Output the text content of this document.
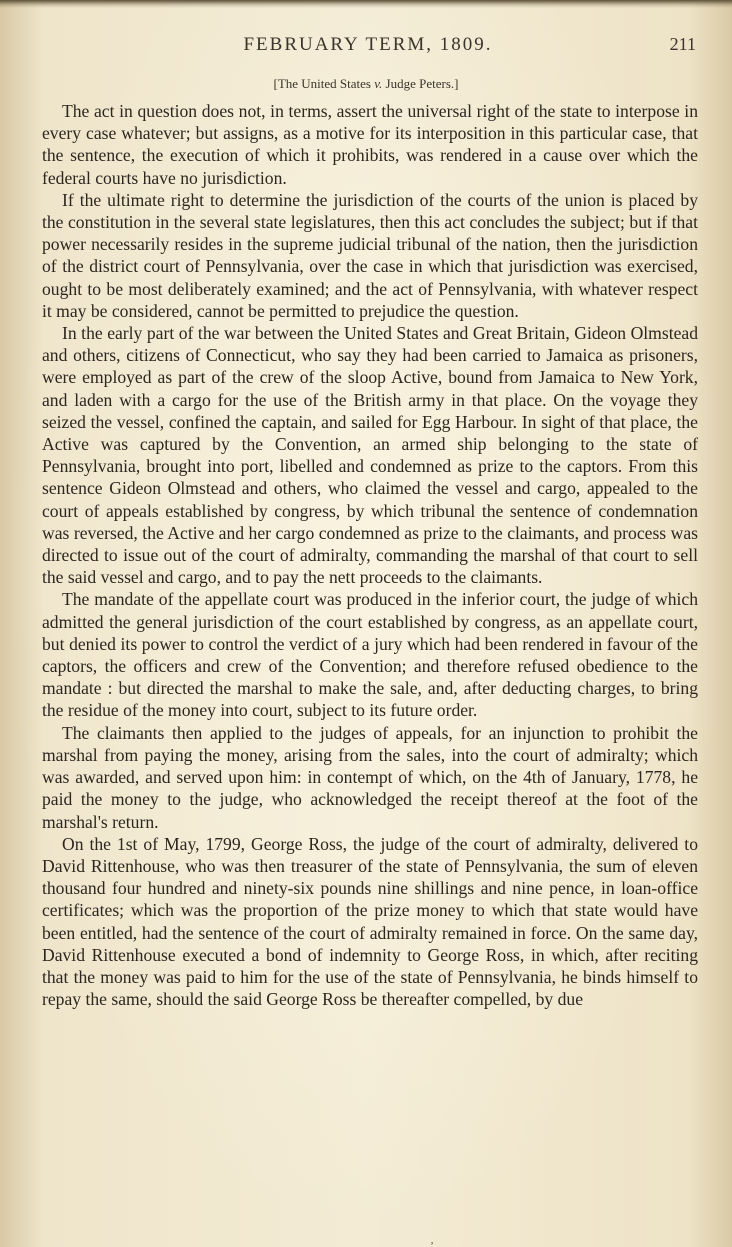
FEBRUARY TERM, 1809.	211
[The United States v. Judge Peters.]

The act in question does not, in terms, assert the universal right of the state to interpose in every case whatever; but assigns, as a motive for its interposition in this particular case, that the sentence, the execution of which it prohibits, was rendered in a cause over which the federal courts have no jurisdiction.

If the ultimate right to determine the jurisdiction of the courts of the union is placed by the constitution in the several state legislatures, then this act concludes the subject; but if that power necessarily resides in the supreme judicial tribunal of the nation, then the jurisdiction of the district court of Pennsylvania, over the case in which that jurisdiction was exercised, ought to be most deliberately examined; and the act of Pennsylvania, with whatever respect it may be considered, cannot be permitted to prejudice the question.

In the early part of the war between the United States and Great Britain, Gideon Olmstead and others, citizens of Connecticut, who say they had been carried to Jamaica as prisoners, were employed as part of the crew of the sloop Active, bound from Jamaica to New York, and laden with a cargo for the use of the British army in that place. On the voyage they seized the vessel, confined the captain, and sailed for Egg Harbour. In sight of that place, the Active was captured by the Convention, an armed ship belonging to the state of Pennsylvania, brought into port, libelled and condemned as prize to the captors. From this sentence Gideon Olmstead and others, who claimed the vessel and cargo, appealed to the court of appeals established by congress, by which tribunal the sentence of condemnation was reversed, the Active and her cargo condemned as prize to the claimants, and process was directed to issue out of the court of admiralty, commanding the marshal of that court to sell the said vessel and cargo, and to pay the nett proceeds to the claimants.

The mandate of the appellate court was produced in the inferior court, the judge of which admitted the general jurisdiction of the court established by congress, as an appellate court, but denied its power to control the verdict of a jury which had been rendered in favour of the captors, the officers and crew of the Convention; and therefore refused obedience to the mandate : but directed the marshal to make the sale, and, after deducting charges, to bring the residue of the money into court, subject to its future order.

The claimants then applied to the judges of appeals, for an injunction to prohibit the marshal from paying the money, arising from the sales, into the court of admiralty; which was awarded, and served upon him: in contempt of which, on the 4th of January, 1778, he paid the money to the judge, who acknowledged the receipt thereof at the foot of the marshal's return.

On the 1st of May, 1799, George Ross, the judge of the court of admiralty, delivered to David Rittenhouse, who was then treasurer of the state of Pennsylvania, the sum of eleven thousand four hundred and ninety-six pounds nine shillings and nine pence, in loan-office certificates; which was the proportion of the prize money to which that state would have been entitled, had the sentence of the court of admiralty remained in force. On the same day, David Rittenhouse executed a bond of indemnity to George Ross, in which, after reciting that the money was paid to him for the use of the state of Pennsylvania, he binds himself to repay the same, should the said George Ross be thereafter compelled, by due

‚
